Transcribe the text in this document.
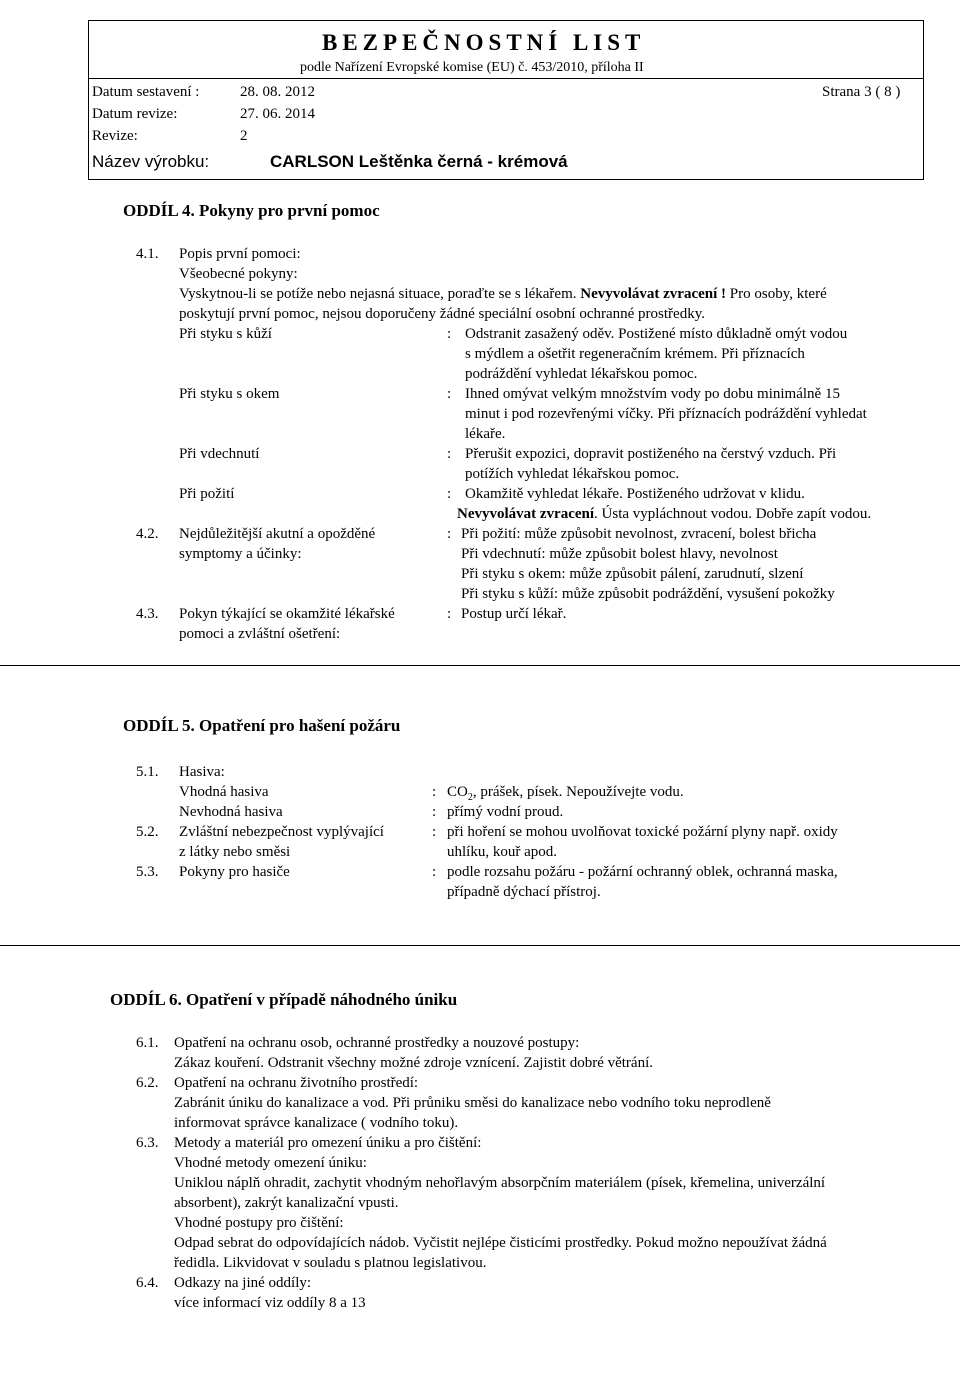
BEZPEČNOSTNÍ LIST
podle Nařízení Evropské komise (EU) č. 453/2010, příloha II
Datum sestavení :	28. 08. 2012	Strana 3 ( 8 )
Datum revize:	27. 06. 2014
Revize:	2
Název výrobku:	CARLSON Leštěnka černá - krémová
ODDÍL 4. Pokyny pro první pomoc
4.1. Popis první pomoci:
Všeobecné pokyny:
Vyskytnou-li se potíže nebo nejasná situace, poraďte se s lékařem. Nevyvolávat zvracení ! Pro osoby, které
poskytují první pomoc, nejsou doporučeny žádné speciální osobní ochranné prostředky.
Při styku s kůží	: Odstranit zasažený oděv. Postižené místo důkladně omýt vodou
s mýdlem a ošetřit regeneračním krémem. Při příznacích
podráždění vyhledat lékařskou pomoc.
Při styku s okem	: Ihned omývat velkým množstvím vody po dobu minimálně 15
minut i pod rozevřenými víčky. Při příznacích podráždění vyhledat
lékaře.
Při vdechnutí	: Přerušit expozici, dopravit postiženého na čerstvý vzduch. Při
potížích vyhledat lékařskou pomoc.
Při požití	: Okamžitě vyhledat lékaře. Postiženého udržovat v klidu.
Nevyvolávat zvracení. Ústa vypláchnout vodou. Dobře zapít vodou.
4.2. Nejdůležitější akutní a opožděné
symptomy a účinky:
: Při požití: může způsobit nevolnost, zvracení, bolest břicha
Při vdechnutí: může způsobit bolest hlavy, nevolnost
Při styku s okem: může způsobit pálení, zarudnutí, slzení
Při styku s kůží: může způsobit podráždění, vysušení pokožky
4.3. Pokyn týkající se okamžité lékařské
pomoci a zvláštní ošetření:
: Postup určí lékař.
ODDÍL 5. Opatření pro hašení požáru
5.1. Hasiva:
Vhodná hasiva	: $CO_2$, prášek, písek. Nepoužívejte vodu.
Nevhodná hasiva	: přímý vodní proud.
5.2. Zvláštní nebezpečnost vyplývající
z látky nebo směsi
: při hoření se mohou uvolňovat toxické požární plyny např. oxidy
uhlíku, kouř apod.
5.3. Pokyny pro hasiče	: podle rozsahu požáru - požární ochranný oblek, ochranná maska,
případně dýchací přístroj.
ODDÍL 6. Opatření v případě náhodného úniku
6.1. Opatření na ochranu osob, ochranné prostředky a nouzové postupy:
Zákaz kouření. Odstranit všechny možné zdroje vznícení. Zajistit dobré větrání.
6.2. Opatření na ochranu životního prostředí:
Zabránit úniku do kanalizace a vod. Při průniku směsi do kanalizace nebo vodního toku neprodleně
informovat správce kanalizace ( vodního toku).
6.3. Metody a materiál pro omezení úniku a pro čištění:
Vhodné metody omezení úniku:
Uniklou náplň ohradit, zachytit vhodným nehořlavým absorpčním materiálem (písek, křemelina, univerzální
absorbent), zakrýt kanalizační vpusti.
Vhodné postupy pro čištění:
Odpad sebrat do odpovídajících nádob. Vyčistit nejlépe čisticími prostředky. Pokud možno nepoužívat žádná
ředidla. Likvidovat v souladu s platnou legislativou.
6.4. Odkazy na jiné oddíly:
více informací viz oddíly 8 a 13
